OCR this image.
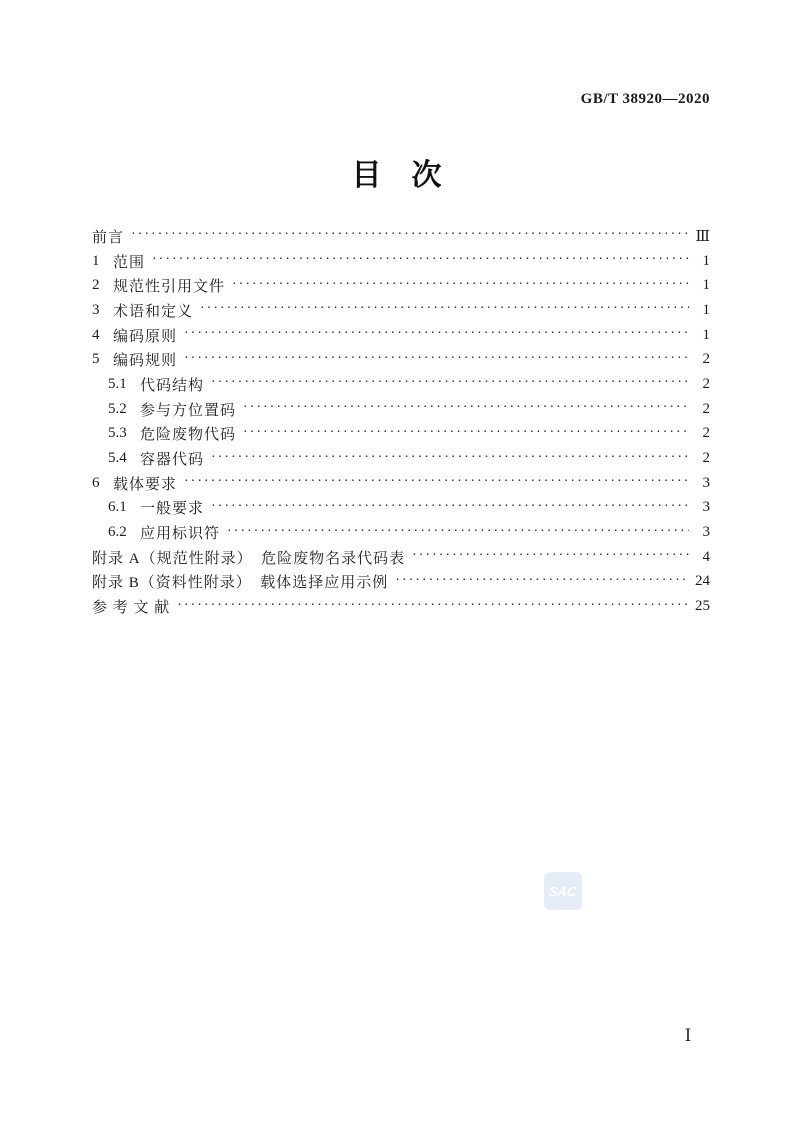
GB/T 38920—2020
目　次
前言 ·····	Ⅲ
1 范围 ·····	1
2 规范性引用文件 ·····	1
3 术语和定义 ·····	1
4 编码原则 ·····	1
5 编码规则 ·····	2
5.1 代码结构 ·····	2
5.2 参与方位置码 ·····	2
5.3 危险废物代码 ·····	2
5.4 容器代码 ·····	2
6 载体要求 ·····	3
6.1 一般要求 ·····	3
6.2 应用标识符 ·····	3
附录 A（规范性附录）　危险废物名录代码表 ·····	4
附录 B（资料性附录）　载体选择应用示例 ·····	24
参 考 文 献 ·····	25
SAC
Ⅰ
